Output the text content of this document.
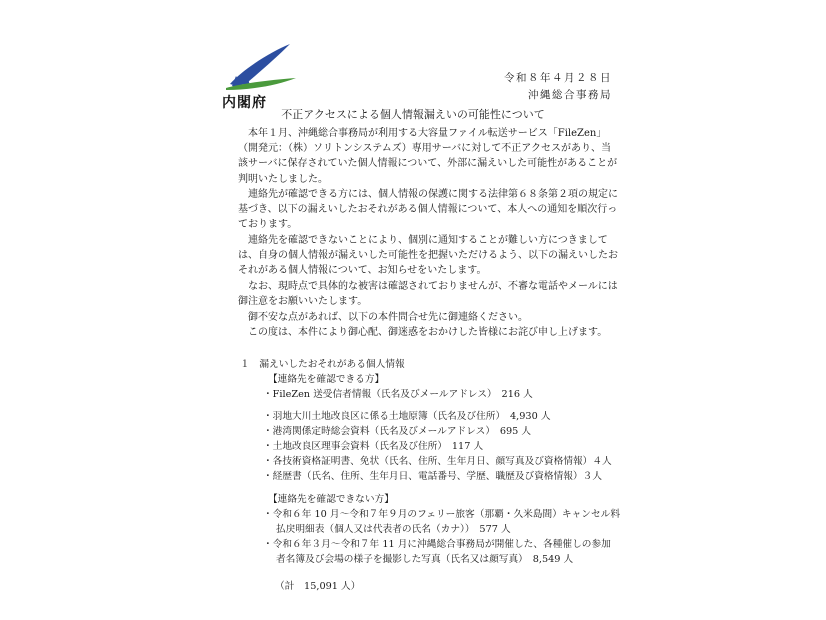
内閣府
令和８年４月２８日
沖縄総合事務局
不正アクセスによる個人情報漏えいの可能性について
本年１月、沖縄総合事務局が利用する大容量ファイル転送サービス「FileZen」（開発元：（株）ソリトンシステムズ）専用サーバに対して不正アクセスがあり、当該サーバに保存されていた個人情報について、外部に漏えいした可能性があることが判明いたしました。
連絡先が確認できる方には、個人情報の保護に関する法律第６８条第２項の規定に基づき、以下の漏えいしたおそれがある個人情報について、本人への通知を順次行っております。
連絡先を確認できないことにより、個別に通知することが難しい方につきましては、自身の個人情報が漏えいした可能性を把握いただけるよう、以下の漏えいしたおそれがある個人情報について、お知らせをいたします。
なお、現時点で具体的な被害は確認されておりませんが、不審な電話やメールには御注意をお願いいたします。
御不安な点があれば、以下の本件問合せ先に御連絡ください。
この度は、本件により御心配、御迷惑をおかけした皆様にお詫び申し上げます。
１　漏えいしたおそれがある個人情報
【連絡先を確認できる方】
・FileZen 送受信者情報（氏名及びメールアドレス）　216 人
・羽地大川土地改良区に係る土地原簿（氏名及び住所）　4,930 人
・港湾関係定時総会資料（氏名及びメールアドレス）　695 人
・土地改良区理事会資料（氏名及び住所）　117 人
・各技術資格証明書、免状（氏名、住所、生年月日、顔写真及び資格情報）４人
・経歴書（氏名、住所、生年月日、電話番号、学歴、職歴及び資格情報）３人
【連絡先を確認できない方】
・令和６年 10 月～令和７年９月のフェリー旅客（那覇・久米島間）キャンセル料
払戻明細表（個人又は代表者の氏名（カナ））　577 人
・令和６年３月～令和７年 11 月に沖縄総合事務局が開催した、各種催しの参加
者名簿及び会場の様子を撮影した写真（氏名又は顔写真）　8,549 人
（計　15,091 人）
